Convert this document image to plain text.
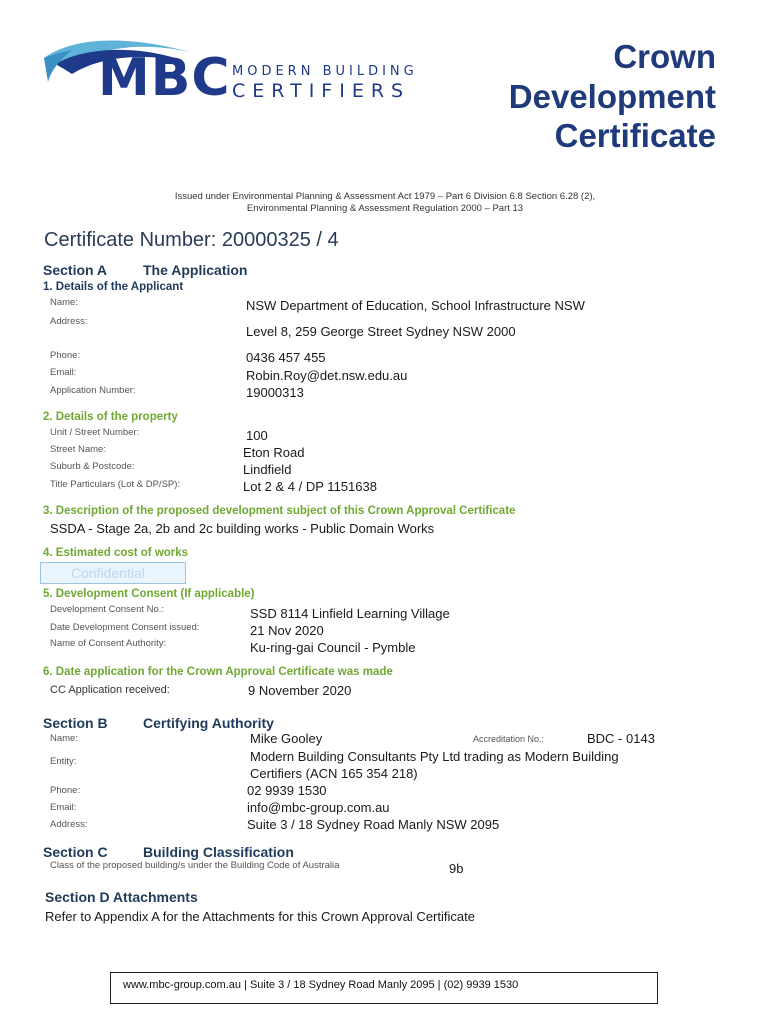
MBC MODERN BUILDING
CERTIFIERS
Crown
Development
Certificate
Issued under Environmental Planning & Assessment Act 1979 – Part 6 Division 6.8 Section 6.28 (2),
Environmental Planning & Assessment Regulation 2000 – Part 13
Certificate Number: 20000325 / 4
Section A	The Application
1. Details of the Applicant
Name:	NSW Department of Education, School Infrastructure NSW
Address:
Level 8, 259 George Street Sydney NSW 2000
Phone:	0436 457 455
Email:	Robin.Roy@det.nsw.edu.au
Application Number:	19000313
2. Details of the property
Unit / Street Number:	100
Street Name:	Eton Road
Suburb & Postcode:	Lindfield
Title Particulars (Lot & DP/SP):	Lot 2 & 4 / DP 1151638
3. Description of the proposed development subject of this Crown Approval Certificate
SSDA - Stage 2a, 2b and 2c building works - Public Domain Works
4. Estimated cost of works
Confidential
5. Development Consent (If applicable)
Development Consent No.:	SSD 8114 Linfield Learning Village
Date Development Consent issued:	21 Nov 2020
Name of Consent Authority:	Ku-ring-gai Council - Pymble
6. Date application for the Crown Approval Certificate was made
CC Application received:	9 November 2020
Section B	Certifying Authority
Name:	Mike Gooley	Accreditation No.:	BDC - 0143
Entity:	Modern Building Consultants Pty Ltd trading as Modern Building
Certifiers (ACN 165 354 218)
Phone:	02 9939 1530
Email:	info@mbc-group.com.au
Address:	Suite 3 / 18 Sydney Road Manly NSW 2095
Section C	Building Classification
Class of the proposed building/s under the Building Code of Australia	9b
Section D Attachments
Refer to Appendix A for the Attachments for this Crown Approval Certificate
www.mbc-group.com.au | Suite 3 / 18 Sydney Road Manly 2095 | (02) 9939 1530
